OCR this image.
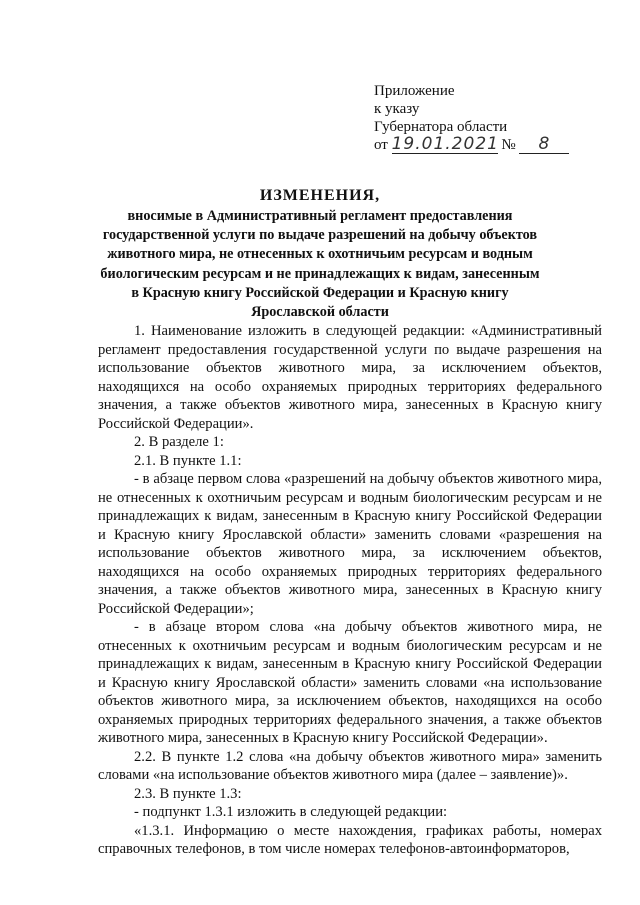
Приложение
к указу
Губернатора области
от 19.01.2021 № 8
ИЗМЕНЕНИЯ,
вносимые в Административный регламент предоставления государственной услуги по выдаче разрешений на добычу объектов животного мира, не отнесенных к охотничьим ресурсам и водным биологическим ресурсам и не принадлежащих к видам, занесенным в Красную книгу Российской Федерации и Красную книгу Ярославской области

1. Наименование изложить в следующей редакции: «Административный регламент предоставления государственной услуги по выдаче разрешения на использование объектов животного мира, за исключением объектов, находящихся на особо охраняемых природных территориях федерального значения, а также объектов животного мира, занесенных в Красную книгу Российской Федерации».

2. В разделе 1:

2.1. В пункте 1.1:

- в абзаце первом слова «разрешений на добычу объектов животного мира, не отнесенных к охотничьим ресурсам и водным биологическим ресурсам и не принадлежащих к видам, занесенным в Красную книгу Российской Федерации и Красную книгу Ярославской области» заменить словами «разрешения на использование объектов животного мира, за исключением объектов, находящихся на особо охраняемых природных территориях федерального значения, а также объектов животного мира, занесенных в Красную книгу Российской Федерации»;

- в абзаце втором слова «на добычу объектов животного мира, не отнесенных к охотничьим ресурсам и водным биологическим ресурсам и не принадлежащих к видам, занесенным в Красную книгу Российской Федерации и Красную книгу Ярославской области» заменить словами «на использование объектов животного мира, за исключением объектов, находящихся на особо охраняемых природных территориях федерального значения, а также объектов животного мира, занесенных в Красную книгу Российской Федерации».

2.2. В пункте 1.2 слова «на добычу объектов животного мира» заменить словами «на использование объектов животного мира (далее – заявление)».

2.3. В пункте 1.3:

- подпункт 1.3.1 изложить в следующей редакции:

«1.3.1. Информацию о месте нахождения, графиках работы, номерах справочных телефонов, в том числе номерах телефонов-автоинформаторов,
